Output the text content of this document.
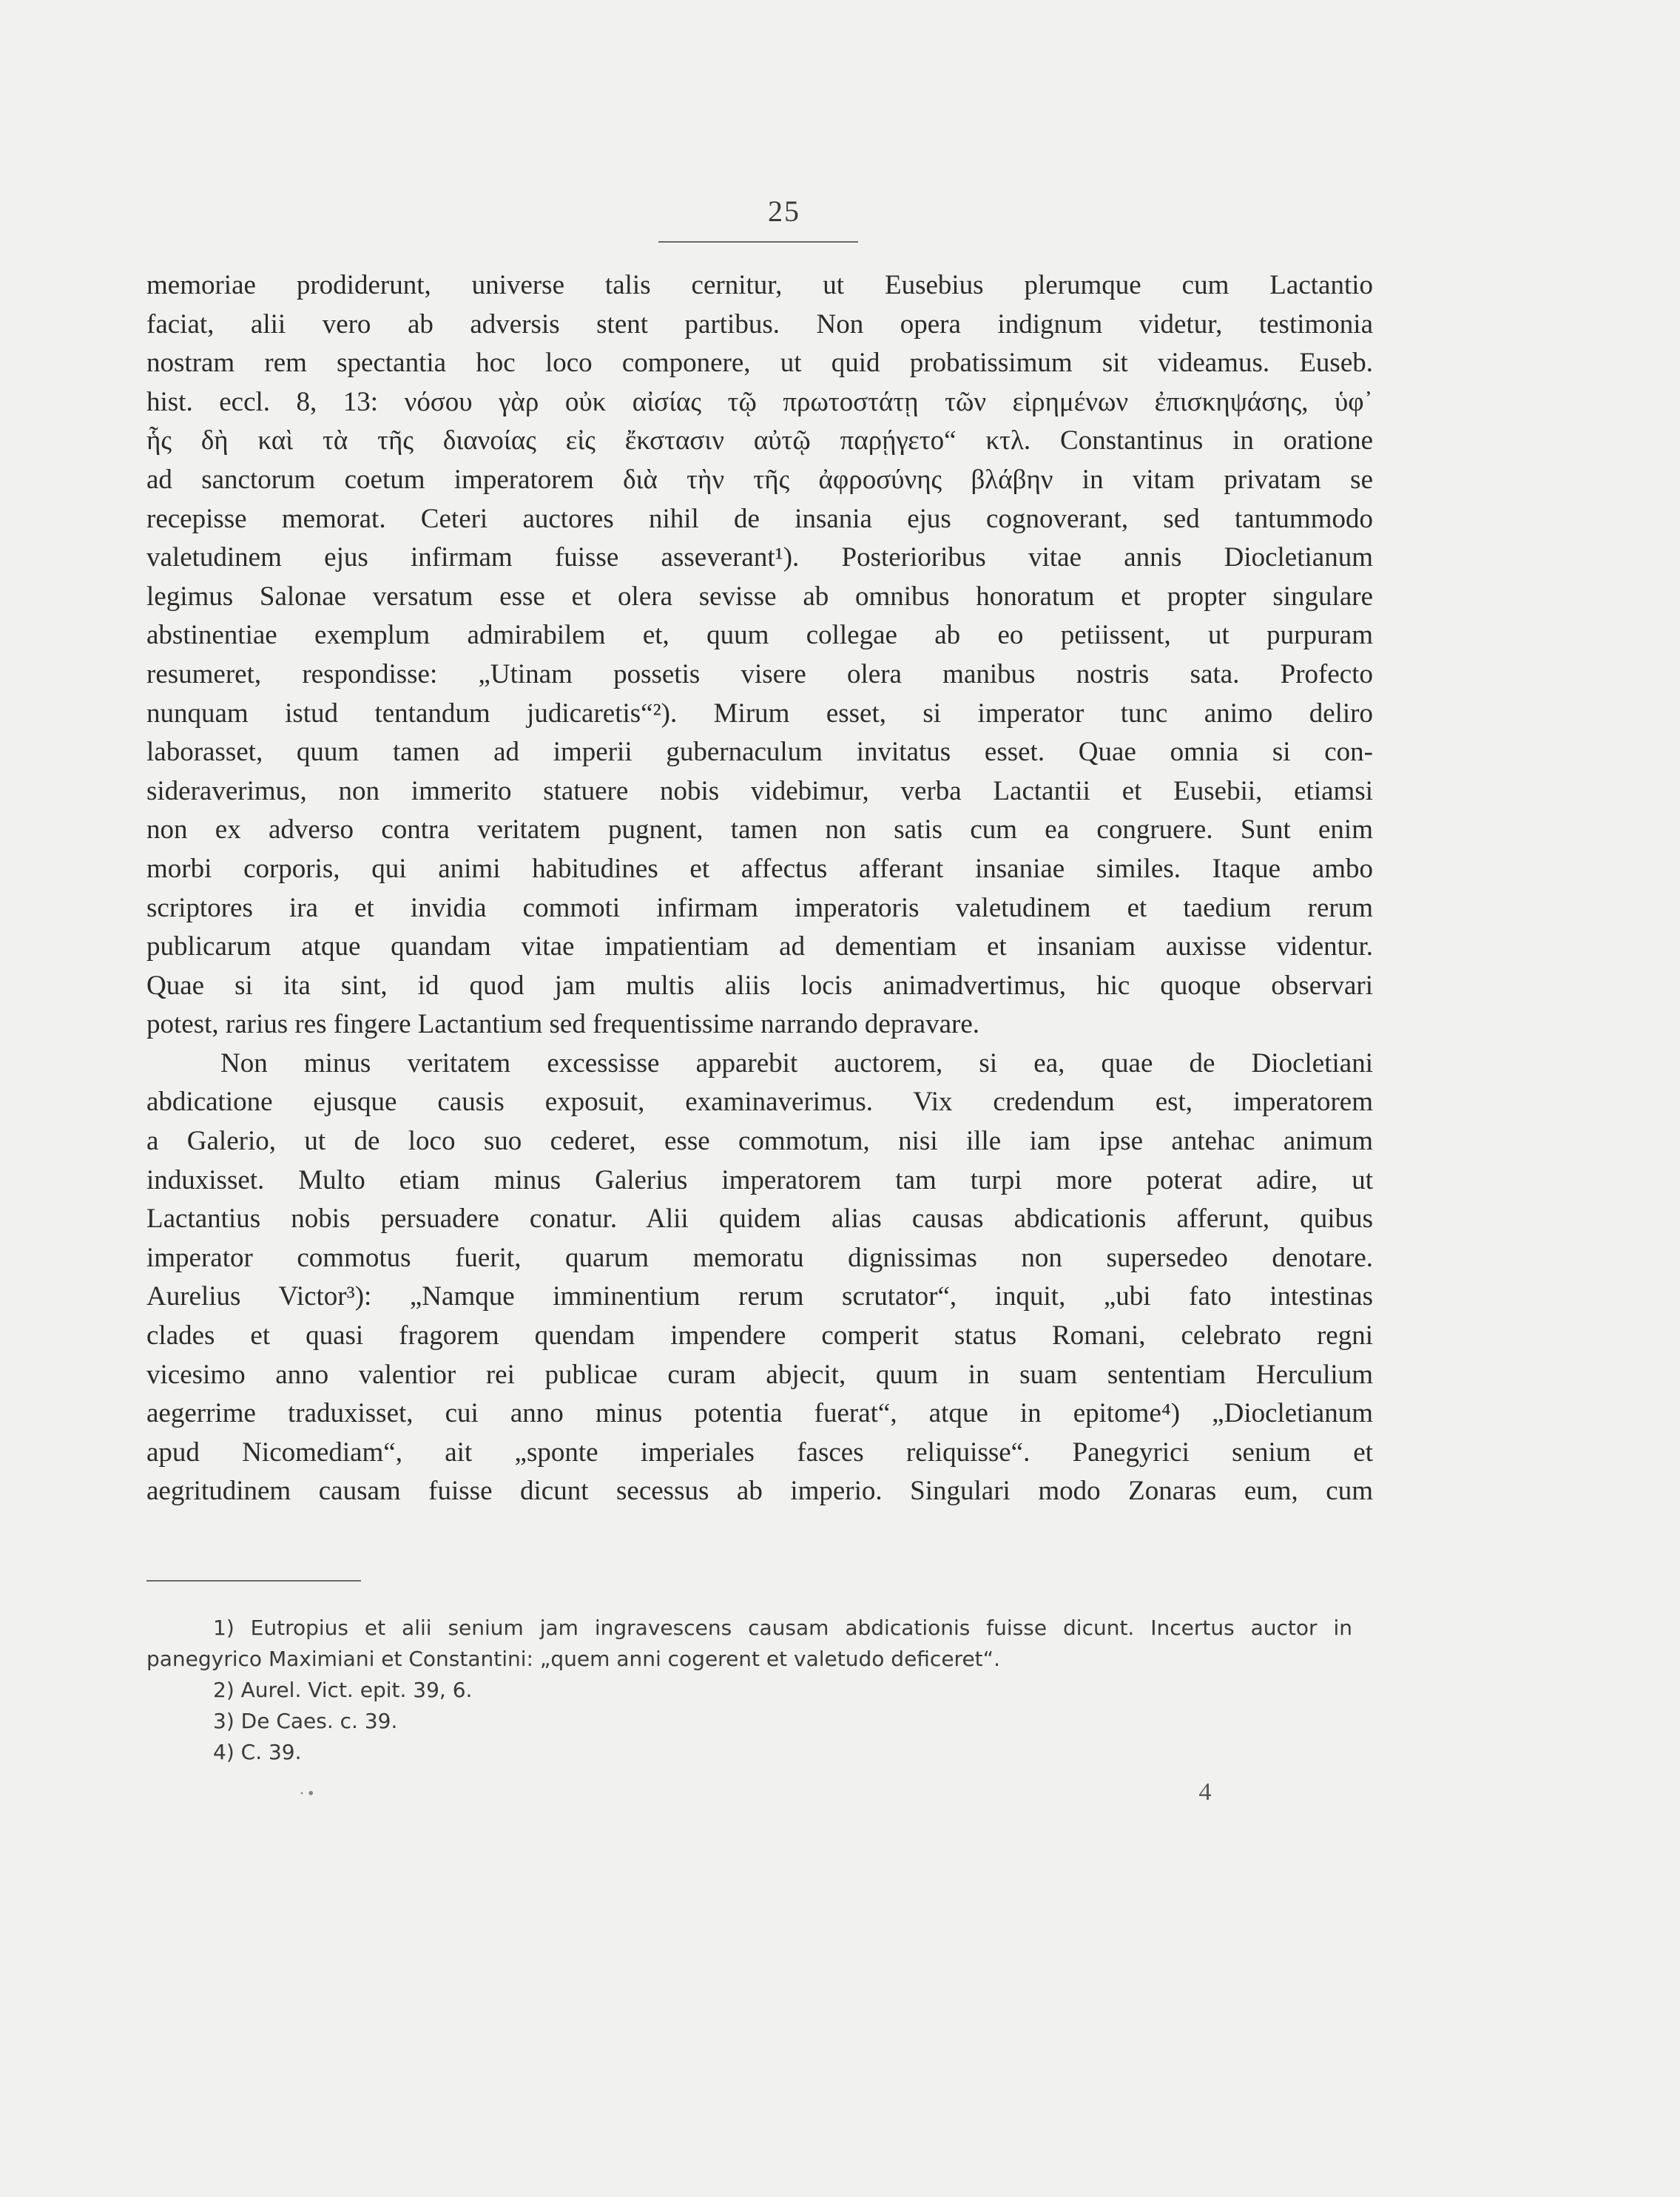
25
memoriae prodiderunt, universe talis cernitur, ut Eusebius plerumque cum Lactantio
faciat, alii vero ab adversis stent partibus. Non opera indignum videtur, testimonia
nostram rem spectantia hoc loco componere, ut quid probatissimum sit videamus. Euseb.
hist. eccl. 8, 13: νόσου γὰρ οὐκ αἰσίας τῷ πρωτοστάτῃ τῶν εἰρημένων ἐπισκηψάσης, ὑφ᾽
ἧς δὴ καὶ τὰ τῆς διανοίας εἰς ἔκστασιν αὐτῷ παρῄγετο“ κτλ. Constantinus in oratione
ad sanctorum coetum imperatorem διὰ τὴν τῆς ἀφροσύνης βλάβην in vitam privatam se
recepisse memorat. Ceteri auctores nihil de insania ejus cognoverant, sed tantummodo
valetudinem ejus infirmam fuisse asseverant¹). Posterioribus vitae annis Diocletianum
legimus Salonae versatum esse et olera sevisse ab omnibus honoratum et propter singulare
abstinentiae exemplum admirabilem et, quum collegae ab eo petiissent, ut purpuram
resumeret, respondisse: „Utinam possetis visere olera manibus nostris sata. Profecto
nunquam istud tentandum judicaretis“²). Mirum esset, si imperator tunc animo deliro
laborasset, quum tamen ad imperii gubernaculum invitatus esset. Quae omnia si con-
sideraverimus, non immerito statuere nobis videbimur, verba Lactantii et Eusebii, etiamsi
non ex adverso contra veritatem pugnent, tamen non satis cum ea congruere. Sunt enim
morbi corporis, qui animi habitudines et affectus afferant insaniae similes. Itaque ambo
scriptores ira et invidia commoti infirmam imperatoris valetudinem et taedium rerum
publicarum atque quandam vitae impatientiam ad dementiam et insaniam auxisse videntur.
Quae si ita sint, id quod jam multis aliis locis animadvertimus, hic quoque observari
potest, rarius res fingere Lactantium sed frequentissime narrando depravare.
Non minus veritatem excessisse apparebit auctorem, si ea, quae de Diocletiani
abdicatione ejusque causis exposuit, examinaverimus. Vix credendum est, imperatorem
a Galerio, ut de loco suo cederet, esse commotum, nisi ille iam ipse antehac animum
induxisset. Multo etiam minus Galerius imperatorem tam turpi more poterat adire, ut
Lactantius nobis persuadere conatur. Alii quidem alias causas abdicationis afferunt, quibus
imperator commotus fuerit, quarum memoratu dignissimas non supersedeo denotare.
Aurelius Victor³): „Namque imminentium rerum scrutator“, inquit, „ubi fato intestinas
clades et quasi fragorem quendam impendere comperit status Romani, celebrato regni
vicesimo anno valentior rei publicae curam abjecit, quum in suam sententiam Herculium
aegerrime traduxisset, cui anno minus potentia fuerat“, atque in epitome⁴) „Diocletianum
apud Nicomediam“, ait „sponte imperiales fasces reliquisse“. Panegyrici senium et
aegritudinem causam fuisse dicunt secessus ab imperio. Singulari modo Zonaras eum, cum
1) Eutropius et alii senium jam ingravescens causam abdicationis fuisse dicunt. Incertus auctor in
panegyrico Maximiani et Constantini: „quem anni cogerent et valetudo deficeret“.
2) Aurel. Vict. epit. 39, 6.
3) De Caes. c. 39.
4) C. 39.
·•	4
